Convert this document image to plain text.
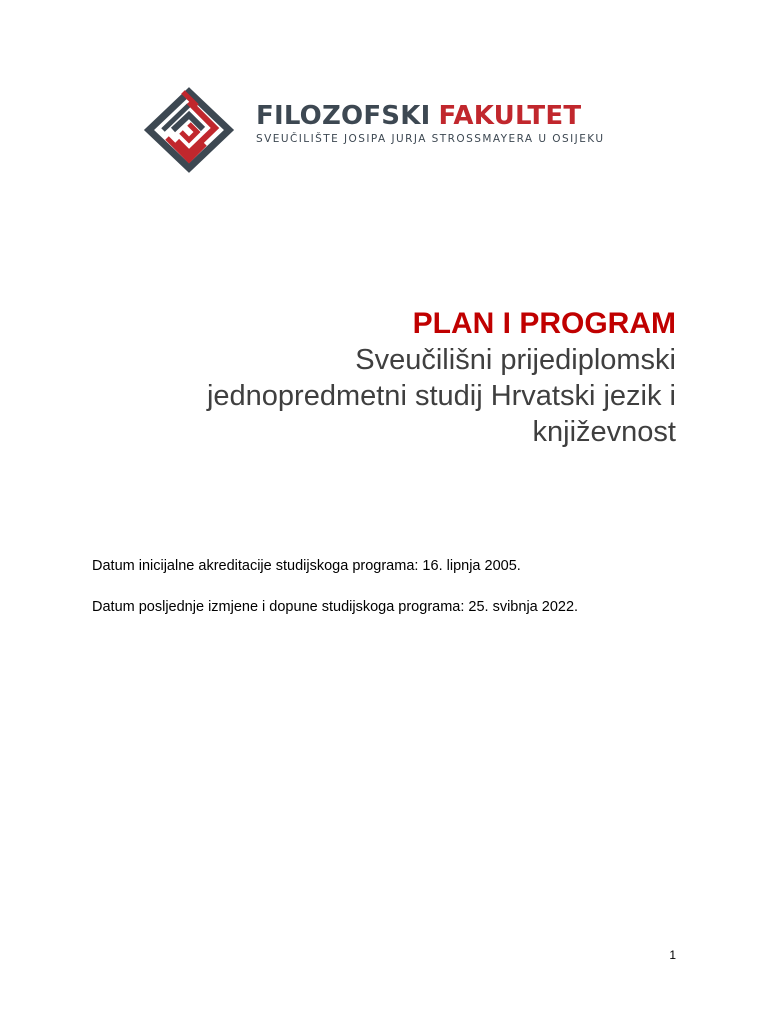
FILOZOFSKI FAKULTET
SVEUČILIŠTE JOSIPA JURJA STROSSMAYERA U OSIJEKU
PLAN I PROGRAM
Sveučilišni prijediplomski
jednopredmetni studij Hrvatski jezik i
književnost
Datum inicijalne akreditacije studijskoga programa: 16. lipnja 2005.
Datum posljednje izmjene i dopune studijskoga programa: 25. svibnja 2022.
1
